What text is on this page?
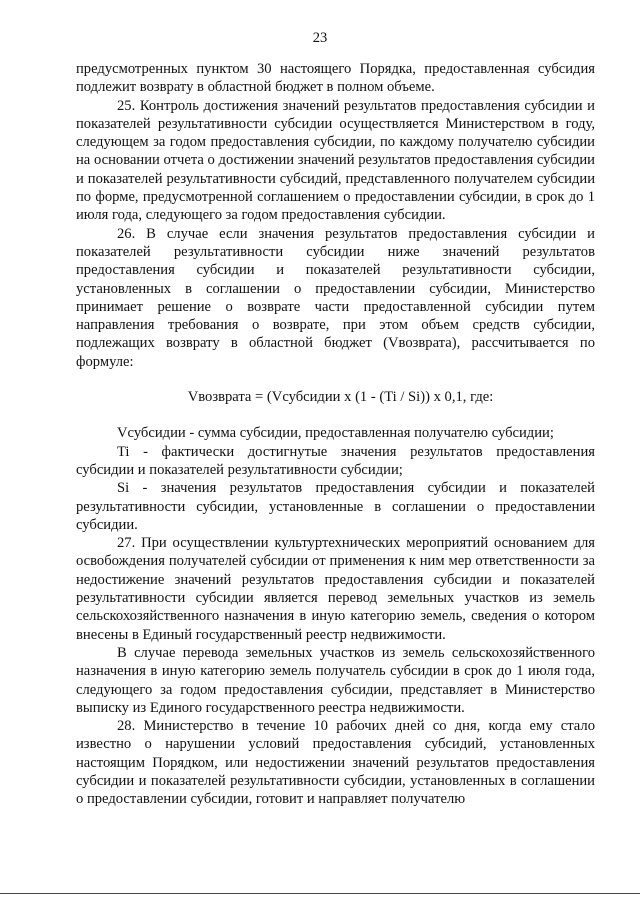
23

предусмотренных пунктом 30 настоящего Порядка, предоставленная субсидия подлежит возврату в областной бюджет в полном объеме.

25. Контроль достижения значений результатов предоставления субсидии и показателей результативности субсидии осуществляется Министерством в году, следующем за годом предоставления субсидии, по каждому получателю субсидии на основании отчета о достижении значений результатов предоставления субсидии и показателей результативности субсидий, представленного получателем субсидии по форме, предусмотренной соглашением о предоставлении субсидии, в срок до 1 июля года, следующего за годом предоставления субсидии.

26. В случае если значения результатов предоставления субсидии и показателей результативности субсидии ниже значений результатов предоставления субсидии и показателей результативности субсидии, установленных в соглашении о предоставлении субсидии, Министерство принимает решение о возврате части предоставленной субсидии путем направления требования о возврате, при этом объем средств субсидии, подлежащих возврату в областной бюджет (Vвозврата), рассчитывается по формуле:

Vвозврата = (Vсубсидии x (1 - (Ti / Si)) x 0,1, где:

Vсубсидии - сумма субсидии, предоставленная получателю субсидии;

Ti - фактически достигнутые значения результатов предоставления субсидии и показателей результативности субсидии;

Si - значения результатов предоставления субсидии и показателей результативности субсидии, установленные в соглашении о предоставлении субсидии.

27. При осуществлении культуртехнических мероприятий основанием для освобождения получателей субсидии от применения к ним мер ответственности за недостижение значений результатов предоставления субсидии и показателей результативности субсидии является перевод земельных участков из земель сельскохозяйственного назначения в иную категорию земель, сведения о котором внесены в Единый государственный реестр недвижимости.

В случае перевода земельных участков из земель сельскохозяйственного назначения в иную категорию земель получатель субсидии в срок до 1 июля года, следующего за годом предоставления субсидии, представляет в Министерство выписку из Единого государственного реестра недвижимости.

28. Министерство в течение 10 рабочих дней со дня, когда ему стало известно о нарушении условий предоставления субсидий, установленных настоящим Порядком, или недостижении значений результатов предоставления субсидии и показателей результативности субсидии, установленных в соглашении о предоставлении субсидии, готовит и направляет получателю
